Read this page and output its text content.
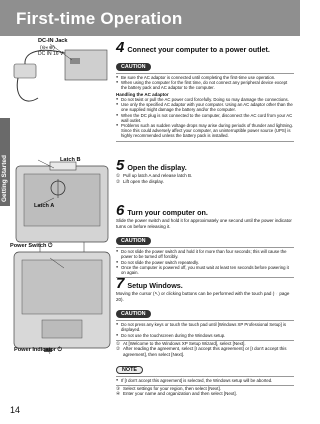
First-time Operation
Getting Started
DC-IN Jack
(⊖◐⊕)
DC IN 16 V
Latch B
Latch A
Power Switch ⏻
Power Indicator ⏻
4 Connect your computer to a power outlet.
CAUTION
● Be sure the AC adaptor is connected until completing the first-time use operation.
● When using the computer for the first time, do not connect any peripheral device except the battery pack and AC adaptor to the computer.
Handling the AC adaptor
● Do not twist or pull the AC power cord forcefully. Doing so may damage the connections.
● Use only the specified AC adaptor with your computer. Using an AC adaptor other than the one supplied might damage the battery and/or the computer.
● When the DC plug is not connected to the computer, disconnect the AC cord from your AC wall outlet.
● Problems such as sudden voltage drops may arise during periods of thunder and lightning. Since this could adversely affect your computer, an uninterruptible power source (UPS) is highly recommended unless the battery pack is installed.
5 Open the display.
① Pull up latch A and release latch B.
② Lift open the display.
6 Turn your computer on.
Slide the power switch and hold it for approximately one second until the power indicator turns on before releasing it.
CAUTION
● Do not slide the power switch and hold it for more than four seconds; this will cause the power to be turned off forcibly.
● Do not slide the power switch repeatedly.
● Once the computer is powered off, you must wait at least ten seconds before powering it on again.
7 Setup Windows.
Moving the cursor (↖) or clicking buttons can be performed with the touch pad (☞ page 20).
CAUTION
● Do not press any keys or touch the touch pad until [Windows XP Professional Setup] is displayed.
● Do not use the touchscreen during the Windows setup.
① At [Welcome to the Windows XP Setup Wizard], select [Next].
② After reading the agreement, select [I accept this agreement] or [I don't accept this agreement], then select [Next].
NOTE
● If [I don't accept this agreement] is selected, the Windows setup will be aborted.
③ Select settings for your region, then select [Next].
④ Enter your name and organization and then select [Next].
14
